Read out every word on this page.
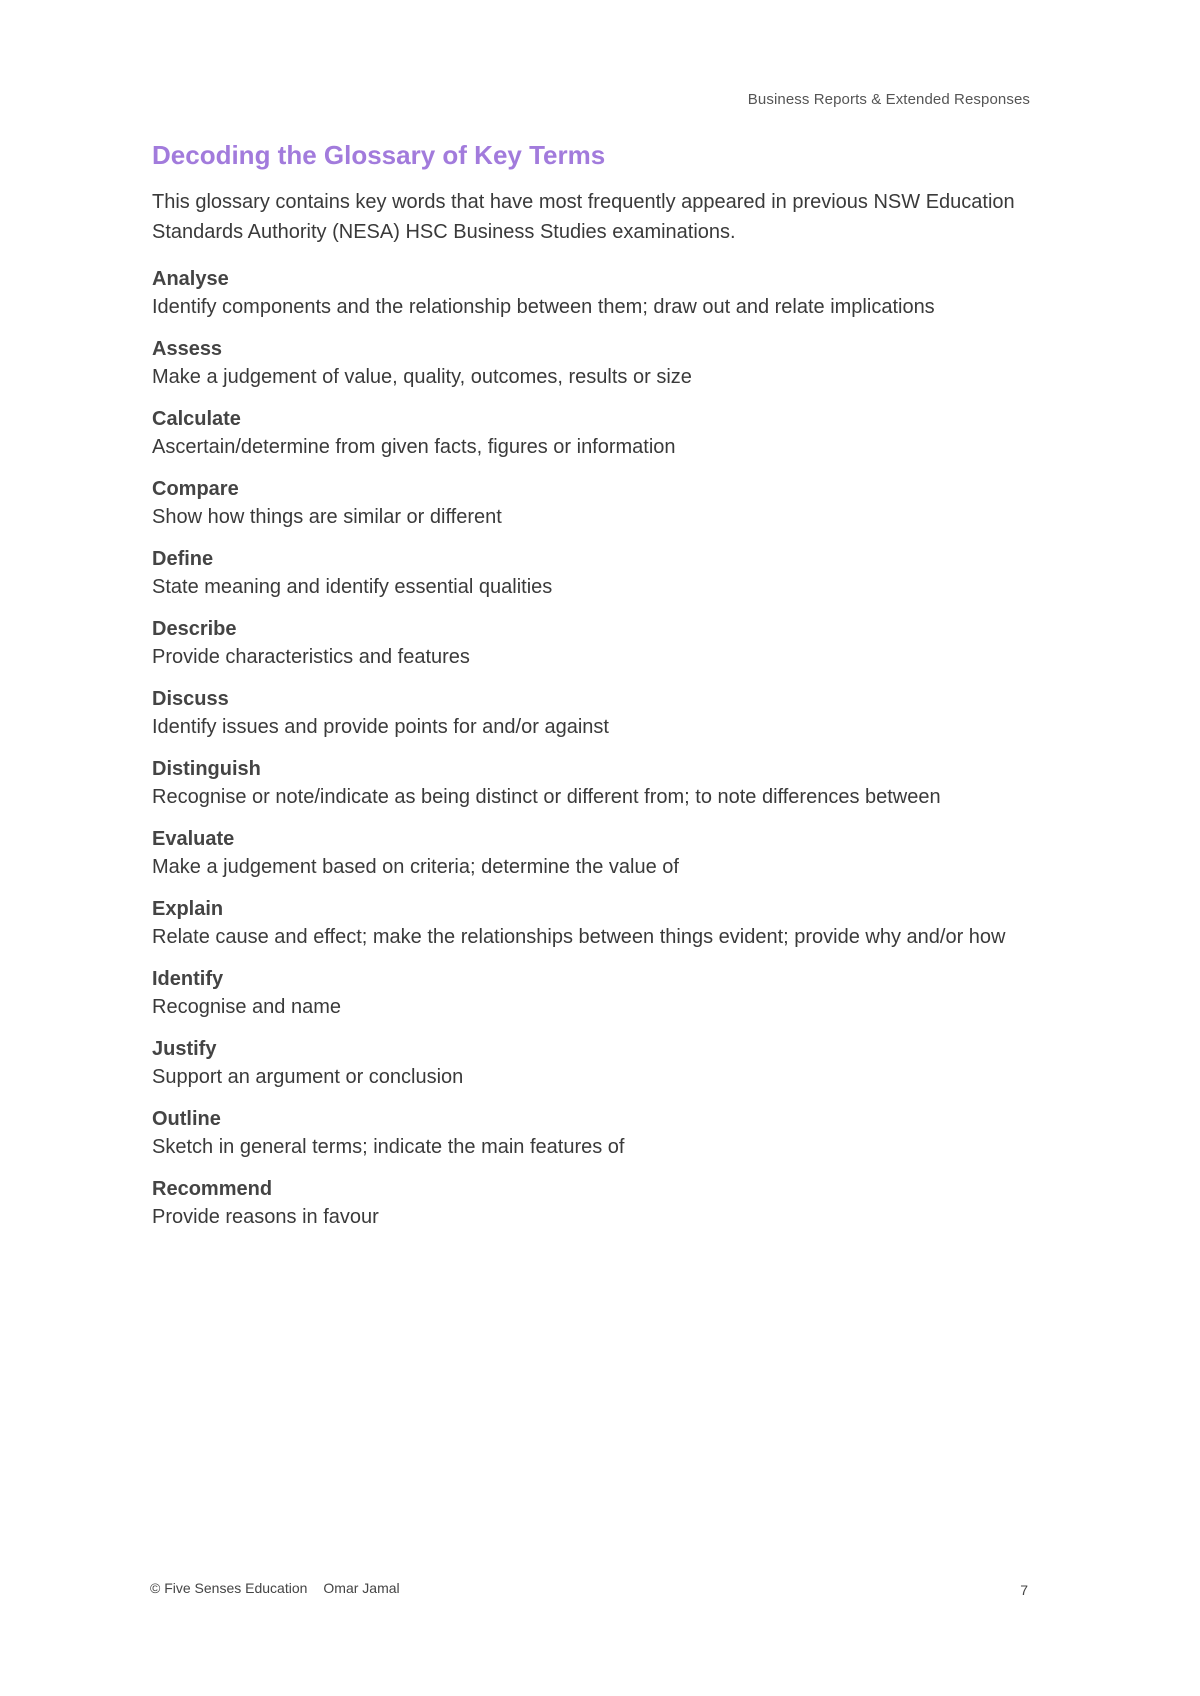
Business Reports & Extended Responses
Decoding the Glossary of Key Terms

This glossary contains key words that have most frequently appeared in previous NSW Education Standards Authority (NESA) HSC Business Studies examinations.

Analyse
Identify components and the relationship between them; draw out and relate implications
Assess
Make a judgement of value, quality, outcomes, results or size
Calculate
Ascertain/determine from given facts, figures or information
Compare
Show how things are similar or different
Define
State meaning and identify essential qualities
Describe
Provide characteristics and features
Discuss
Identify issues and provide points for and/or against
Distinguish
Recognise or note/indicate as being distinct or different from; to note differences between
Evaluate
Make a judgement based on criteria; determine the value of
Explain
Relate cause and effect; make the relationships between things evident; provide why and/or how
Identify
Recognise and name
Justify
Support an argument or conclusion
Outline
Sketch in general terms; indicate the main features of
Recommend
Provide reasons in favour
© Five Senses Education Omar Jamal	7
